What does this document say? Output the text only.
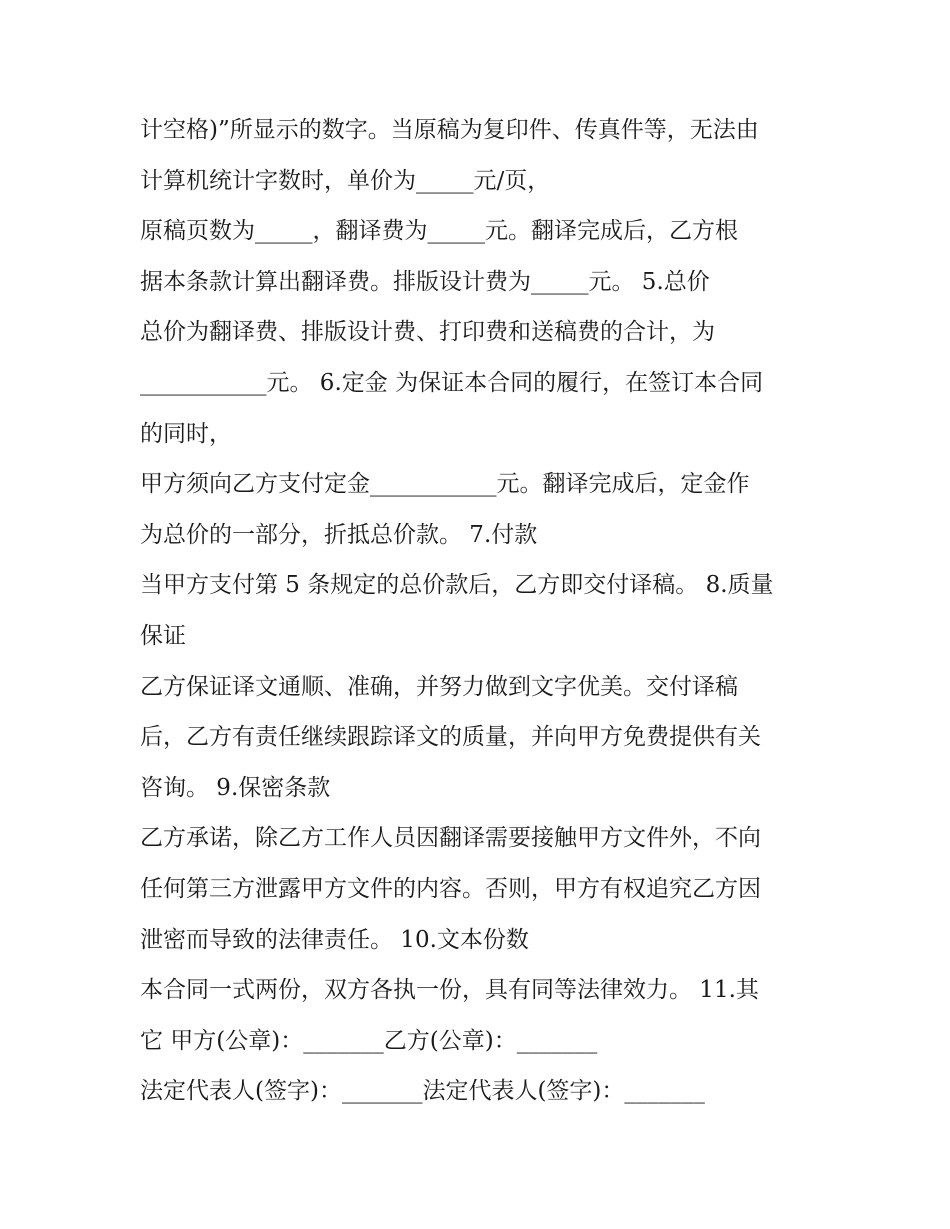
计空格)”所显示的数字。当原稿为复印件、传真件等，无法由
计算机统计字数时，单价为_____元/页，
原稿页数为_____，翻译费为_____元。翻译完成后，乙方根
据本条款计算出翻译费。排版设计费为_____元。 5.总价
总价为翻译费、排版设计费、打印费和送稿费的合计，为
___________元。 6.定金 为保证本合同的履行，在签订本合同
的同时，
甲方须向乙方支付定金___________元。翻译完成后，定金作
为总价的一部分，折抵总价款。 7.付款
当甲方支付第 5 条规定的总价款后，乙方即交付译稿。 8.质量
保证
乙方保证译文通顺、准确，并努力做到文字优美。交付译稿
后，乙方有责任继续跟踪译文的质量，并向甲方免费提供有关
咨询。 9.保密条款
乙方承诺，除乙方工作人员因翻译需要接触甲方文件外，不向
任何第三方泄露甲方文件的内容。否则，甲方有权追究乙方因
泄密而导致的法律责任。 10.文本份数
本合同一式两份，双方各执一份，具有同等法律效力。 11.其
它 甲方(公章)：_______乙方(公章)：_______
法定代表人(签字)：_______法定代表人(签字)：_______
